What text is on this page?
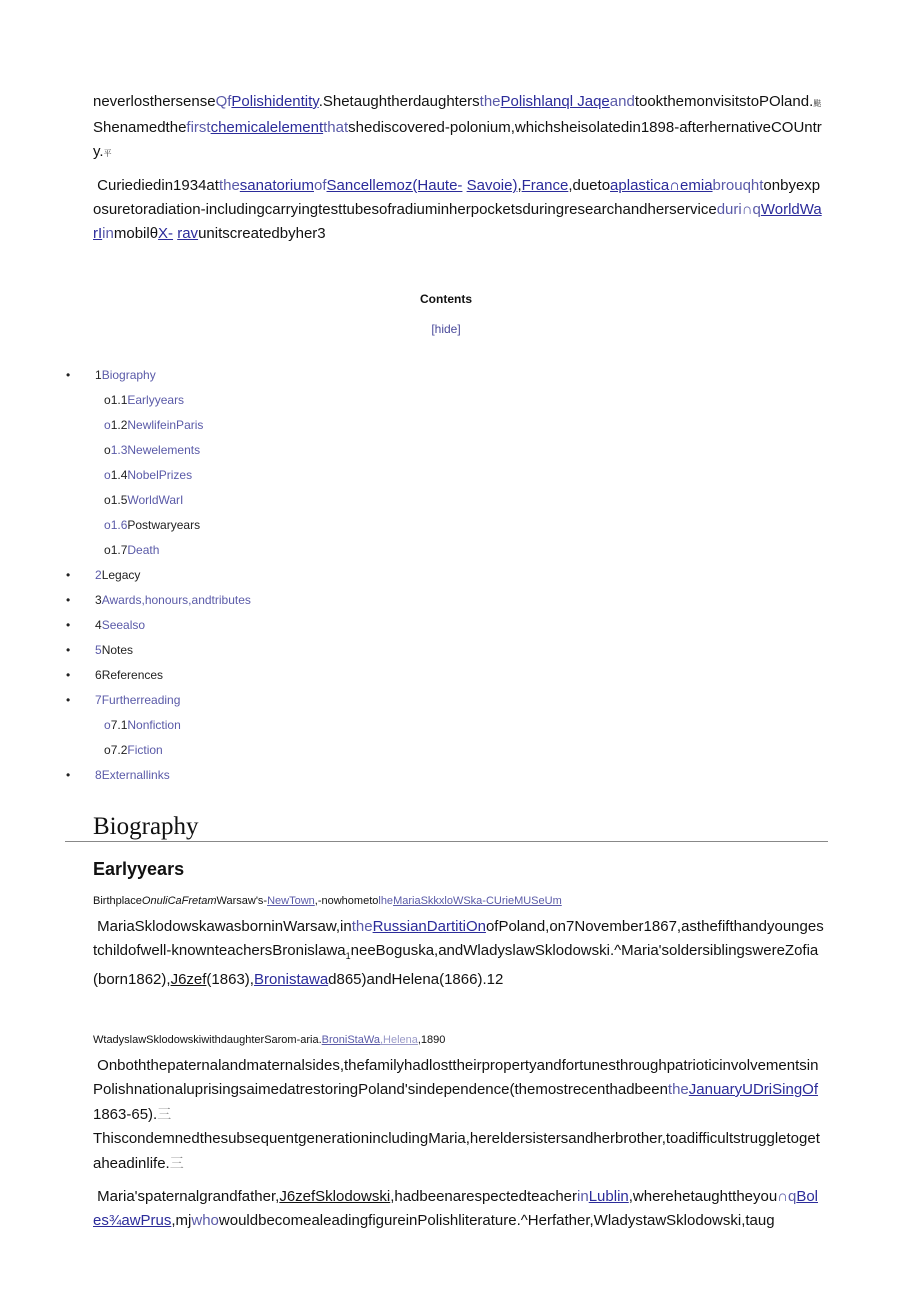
neverlosthersenseQfPolishidentity.ShetaughtherdaughtersthePolishlanql JaqeandtookthemonvisitstoPOland.颫Shenamedthefirstchemicalelementthatshediscovered-polonium,whichsheisolatedin1898-afterhernativeCOUntry.平
Curiediedin1934atthesanatoriumofSancellemoz(Haute- Savoie),France,duetoaplastica∩emiabrouqhtonbyexposuretoradiation-includingcarryingtesttubesofradiuminherpocketsduringresearchandherserviceduri∩qWorldWarIinmobilθX- ravunitscreatedbyher3
Contents
[hide]
• 1Biography
o1.1Earlyyears
o1.2NewlifeinParis
o1.3Newelements
o1.4NobelPrizes
o1.5WorldWarI
o1.6Postwaryears
o1.7Death
• 2Legacy
• 3Awards,honours,andtributes
• 4Seealso
• 5Notes
• 6References
• 7Furtherreading
o7.1Nonfiction
o7.2Fiction
• 8Externallinks
Biography
Earlyyears
BirthplaceOnuliCaFretamWarsaw's-NewTown,-nowhometolheMariaSkkxloWSka-CUrieMUSeUm
MariaSklodowskawasborninWarsaw,intheRussianDartitiOnofPoland,on7November1867,asthefifthandyoungestchildofwell-knownteachersBronislawa$_1$neeBoguska,andWladyslawSklodowski.^Maria'soldersiblingswereZofia(born1862),J6zef(1863),Bronistawad865)andHelena(1866).12
WtadyslawSklodowskiwithdaughterSarom-aria.BroniStaWa,Helena,1890
Onboththepaternalandmaternalsides,thefamilyhadlosttheirpropertyandfortunesthroughpatrioticinvolvementsinPolishnationaluprisingsaimedatrestoringPoland'sindependence(themostrecenthadbeentheJanuaryUDriSingOf1863-65).三
ThiscondemnedthesubsequentgenerationincludingMaria,hereldersistersandherbrother,toadifficultstruggletogetaheadinlife.三
Maria'spaternalgrandfather,J6zefSklodowski,hadbeenarespectedteacherinLublin,wherehetaughttheyou∩qBoles¾awPrus,mjwhowouldbecomealeadingfigureinPolishliterature.^Herfather,WladystawSklodowski,taug
